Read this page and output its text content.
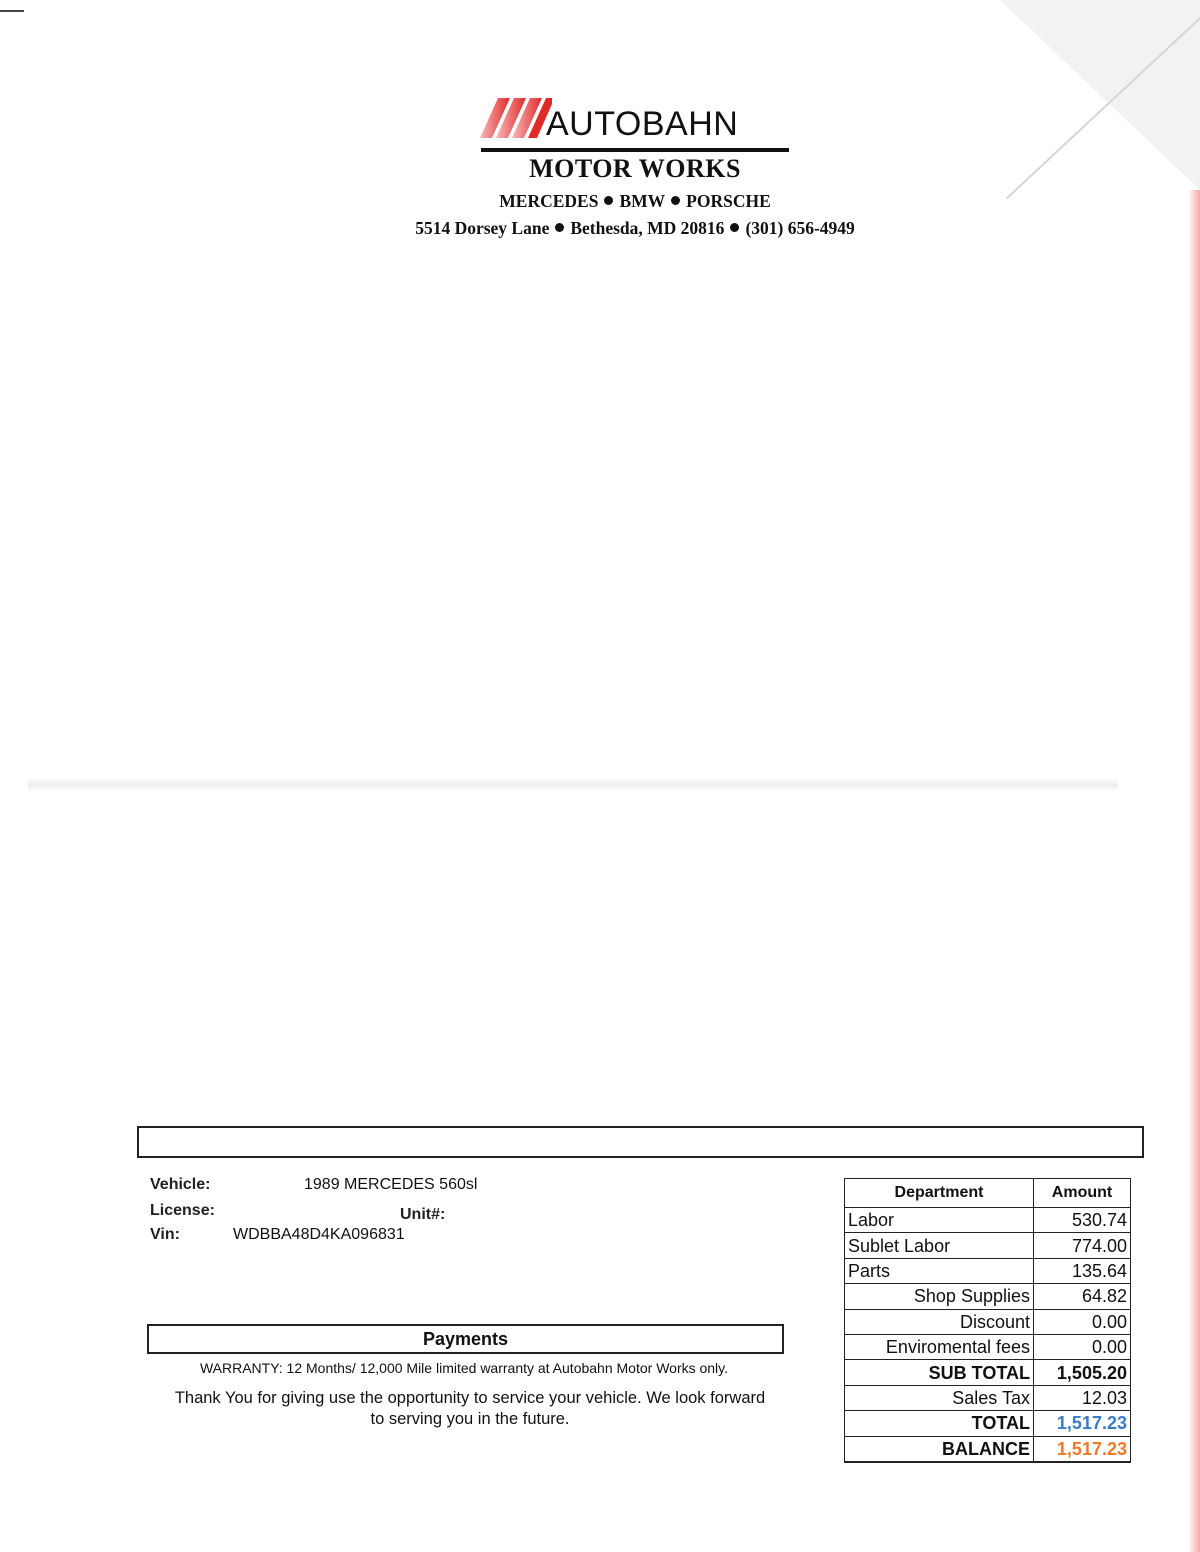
AUTOBAHN
MOTOR WORKS
MERCEDES BMW PORSCHE
5514 Dorsey Lane Bethesda, MD 20816 (301) 656-4949
Vehicle:	1989 MERCEDES 560sl
License:	Unit#:
Vin:	WDBBA48D4KA096831
Payments
WARRANTY: 12 Months/ 12,000 Mile limited warranty at Autobahn Motor Works only.
Thank You for giving use the opportunity to service your vehicle. We look forward to serving you in the future.
Department	Amount
Labor	530.74
Sublet Labor	774.00
Parts	135.64
Shop Supplies	64.82
Discount	0.00
Enviromental fees	0.00
SUB TOTAL	1,505.20
Sales Tax	12.03
TOTAL	1,517.23
BALANCE	1,517.23
